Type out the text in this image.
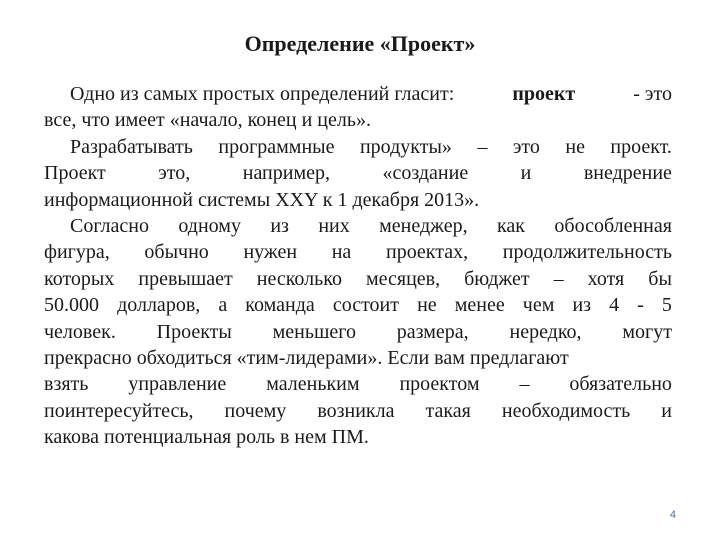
Определение «Проект»
Одно из самых простых определений гласит:	проект	- это
все, что имеет «начало, конец и цель».
Разрабатывать программные продукты» – это не проект.
Проект	это,	например,	«создание	и	внедрение
информационной системы XXY к 1 декабря 2013».
Согласно одному из них менеджер, как обособленная
фигура, обычно нужен на проектах, продолжительность
которых превышает несколько месяцев, бюджет – хотя бы
50.000 долларов, а команда состоит не менее чем из 4 - 5
человек. Проекты меньшего размера, нередко, могут
прекрасно обходиться «тим-лидерами». Если вам предлагают
взять управление маленьким проектом – обязательно
поинтересуйтесь, почему возникла такая необходимость и
какова потенциальная роль в нем ПМ.
4
